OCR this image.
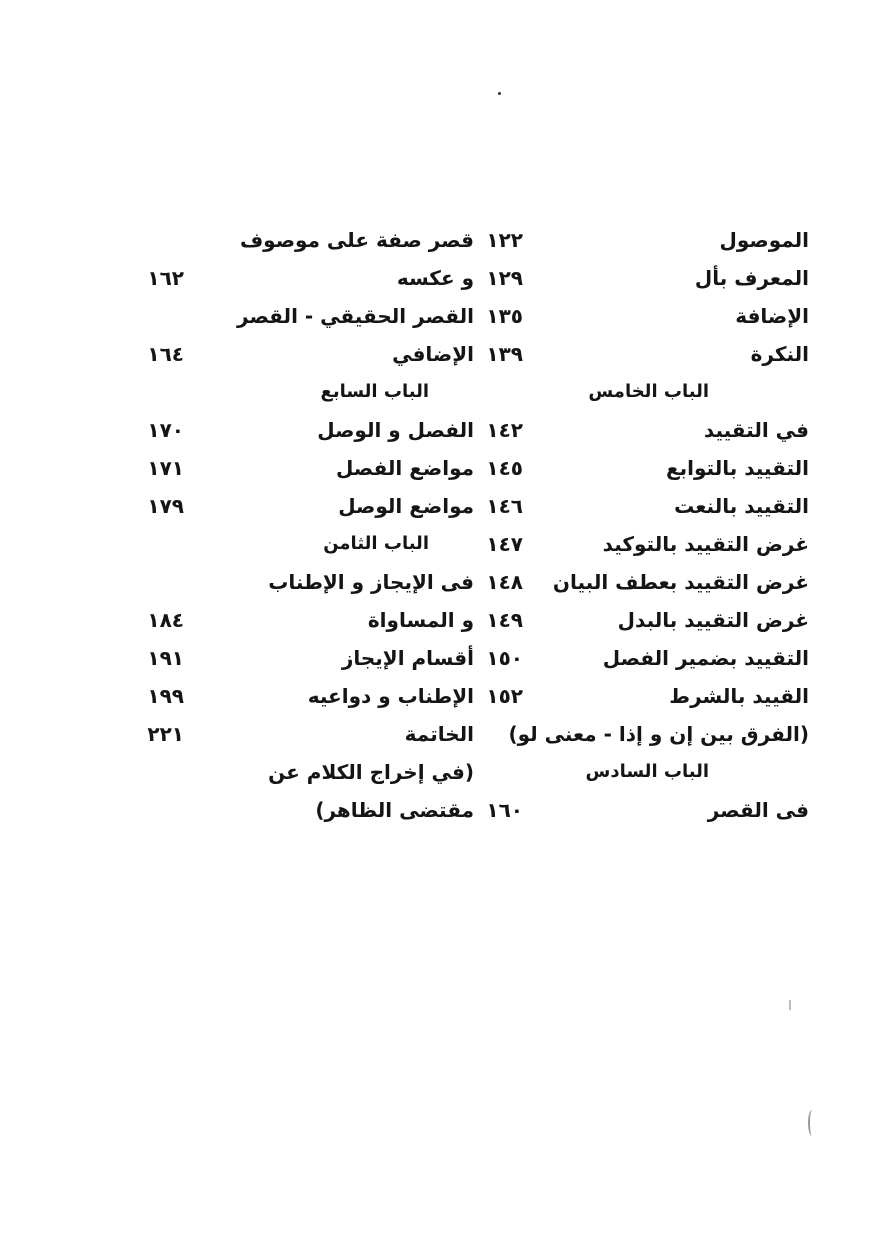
الموصول
١٢٢
قصر صفة على موصوف
المعرف بأل
١٢٩
و عكسه
١٦٢
الإضافة
١٣٥
القصر الحقيقي - القصر
النكرة
١٣٩
الإضافي
١٦٤
الباب الخامس
الباب السابع
في التقييد
١٤٢
الفصل و الوصل
١٧٠
التقييد بالتوابع
١٤٥
مواضع الفصل
١٧١
التقييد بالنعت
١٤٦
مواضع الوصل
١٧٩
غرض التقييد بالتوكيد
١٤٧
الباب الثامن
غرض التقييد بعطف البيان
١٤٨
فى الإيجاز و الإطناب
غرض التقييد بالبدل
١٤٩
و المساواة
١٨٤
التقييد بضمير الفصل
١٥٠
أقسام الإيجاز
١٩١
القييد بالشرط
١٥٢
الإطناب و دواعيه
١٩٩
(الفرق بين إن و إذا - معنى لو)
الخاتمة
٢٢١
الباب السادس
(في إخراج الكلام عن
فى القصر
١٦٠
مقتضى الظاهر)
